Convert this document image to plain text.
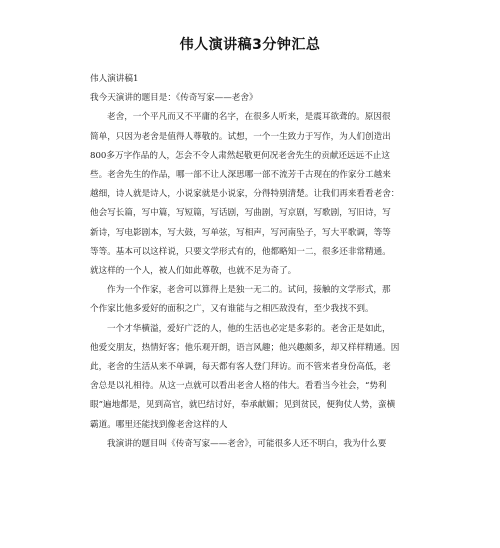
伟人演讲稿3分钟汇总

伟人演讲稿1

我今天演讲的题目是：《传奇写家——老舍》

老舍，一个平凡而又不平庸的名字，在很多人听来，是震耳欲聋的。原因很

简单，只因为老舍是值得人尊敬的。试想，一个一生致力于写作，为人们创造出

800多万字作品的人，怎会不令人肃然起敬更何况老舍先生的贡献还远远不止这

些。老舍先生的作品，哪一部不让人深思哪一部不流芳千古现在的作家分工越来

越细，诗人就是诗人，小说家就是小说家，分得特别清楚。让我们再来看看老舍：

他会写长篇，写中篇，写短篇，写话剧，写曲剧，写京剧，写歌剧，写旧诗，写

新诗，写电影剧本，写大鼓，写单弦，写相声，写河南坠子，写大平歌调，等等

等等。基本可以这样说，只要文学形式有的，他都略知一二，很多还非常精通。

就这样的一个人，被人们如此尊敬，也就不足为奇了。

作为一个作家，老舍可以算得上是独一无二的。试问，接触的文学形式，那

个作家比他多爱好的面积之广，又有谁能与之相匹敌没有，至少我找不到。

一个才华横溢，爱好广泛的人，他的生活也必定是多彩的。老舍正是如此，

他爱交朋友，热情好客；他乐观开朗，语言风趣；他兴趣颇多，却又样样精通。因

此，老舍的生活从来不单调，每天都有客人登门拜访。而不管来者身份高低，老

舍总是以礼相待。从这一点就可以看出老舍人格的伟大。看看当今社会，“势利

眼”遍地都是，见到高官，就巴结讨好，奉承献媚；见到贫民，便狗仗人势，蛮横

霸道。哪里还能找到像老舍这样的人

我演讲的题目叫《传奇写家——老舍》，可能很多人还不明白，我为什么要
